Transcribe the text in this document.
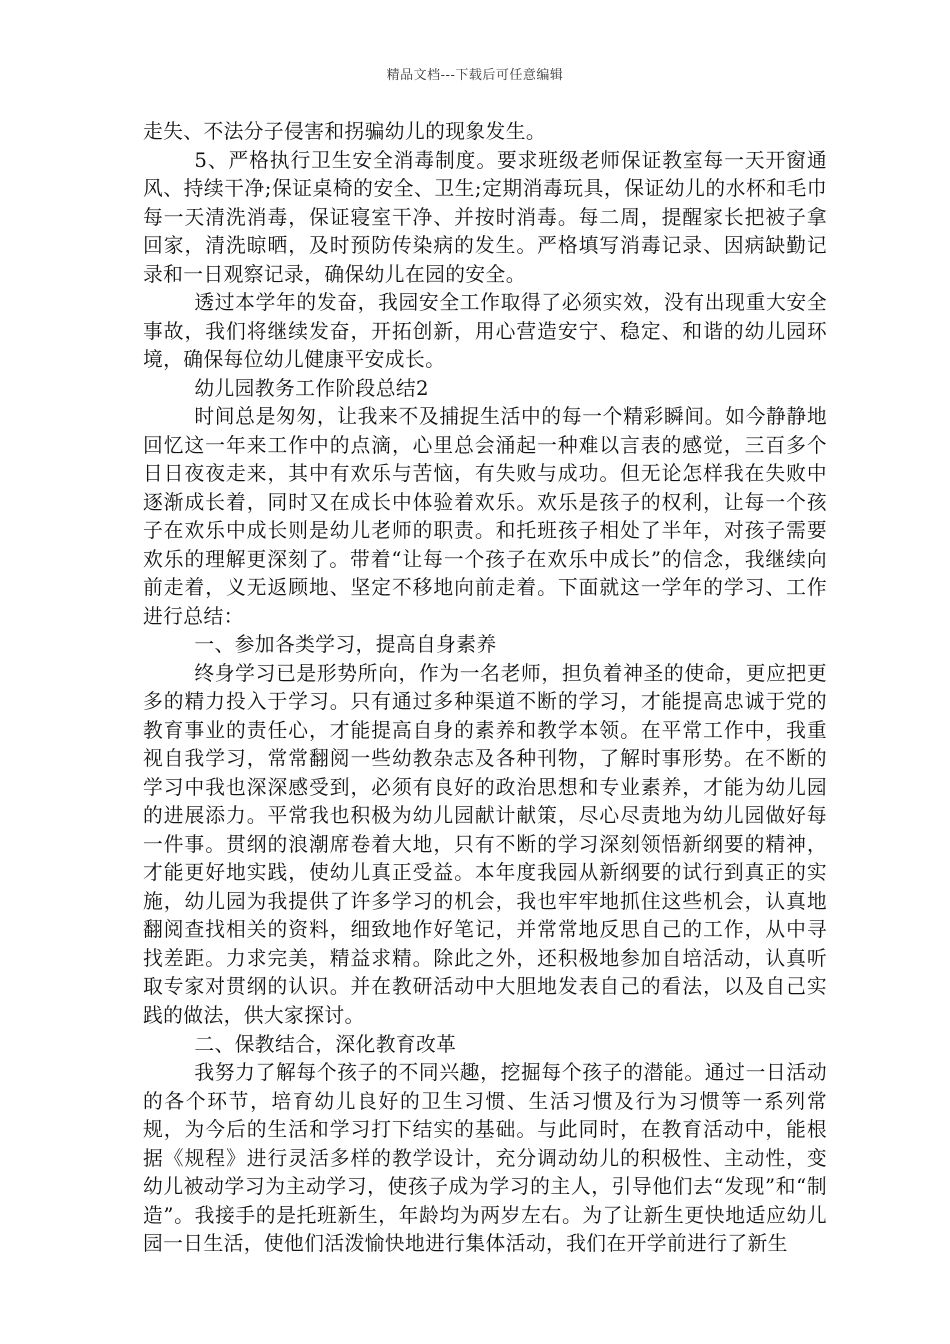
精品文档---下载后可任意编辑

走失、不法分子侵害和拐骗幼儿的现象发生。

5、严格执行卫生安全消毒制度。要求班级老师保证教室每一天开窗通风、持续干净;保证桌椅的安全、卫生;定期消毒玩具，保证幼儿的水杯和毛巾每一天清洗消毒，保证寝室干净、并按时消毒。每二周，提醒家长把被子拿回家，清洗晾晒，及时预防传染病的发生。严格填写消毒记录、因病缺勤记录和一日观察记录，确保幼儿在园的安全。

透过本学年的发奋，我园安全工作取得了必须实效，没有出现重大安全事故，我们将继续发奋，开拓创新，用心营造安宁、稳定、和谐的幼儿园环境，确保每位幼儿健康平安成长。

幼儿园教务工作阶段总结2

时间总是匆匆，让我来不及捕捉生活中的每一个精彩瞬间。如今静静地回忆这一年来工作中的点滴，心里总会涌起一种难以言表的感觉，三百多个日日夜夜走来，其中有欢乐与苦恼，有失败与成功。但无论怎样我在失败中逐渐成长着，同时又在成长中体验着欢乐。欢乐是孩子的权利，让每一个孩子在欢乐中成长则是幼儿老师的职责。和托班孩子相处了半年，对孩子需要欢乐的理解更深刻了。带着“让每一个孩子在欢乐中成长”的信念，我继续向前走着，义无返顾地、坚定不移地向前走着。下面就这一学年的学习、工作进行总结：

一、参加各类学习，提高自身素养

终身学习已是形势所向，作为一名老师，担负着神圣的使命，更应把更多的精力投入于学习。只有通过多种渠道不断的学习，才能提高忠诚于党的教育事业的责任心，才能提高自身的素养和教学本领。在平常工作中，我重视自我学习，常常翻阅一些幼教杂志及各种刊物，了解时事形势。在不断的学习中我也深深感受到，必须有良好的政治思想和专业素养，才能为幼儿园的进展添力。平常我也积极为幼儿园献计献策，尽心尽责地为幼儿园做好每一件事。贯纲的浪潮席卷着大地，只有不断的学习深刻领悟新纲要的精神，才能更好地实践，使幼儿真正受益。本年度我园从新纲要的试行到真正的实施，幼儿园为我提供了许多学习的机会，我也牢牢地抓住这些机会，认真地翻阅查找相关的资料，细致地作好笔记，并常常地反思自己的工作，从中寻找差距。力求完美，精益求精。除此之外，还积极地参加自培活动，认真听取专家对贯纲的认识。并在教研活动中大胆地发表自己的看法，以及自己实践的做法，供大家探讨。

二、保教结合，深化教育改革

我努力了解每个孩子的不同兴趣，挖掘每个孩子的潜能。通过一日活动的各个环节，培育幼儿良好的卫生习惯、生活习惯及行为习惯等一系列常规，为今后的生活和学习打下结实的基础。与此同时，在教育活动中，能根据《规程》进行灵活多样的教学设计，充分调动幼儿的积极性、主动性，变幼儿被动学习为主动学习，使孩子成为学习的主人，引导他们去“发现”和“制造”。我接手的是托班新生，年龄均为两岁左右。为了让新生更快地适应幼儿园一日生活，使他们活泼愉快地进行集体活动，我们在开学前进行了新生
